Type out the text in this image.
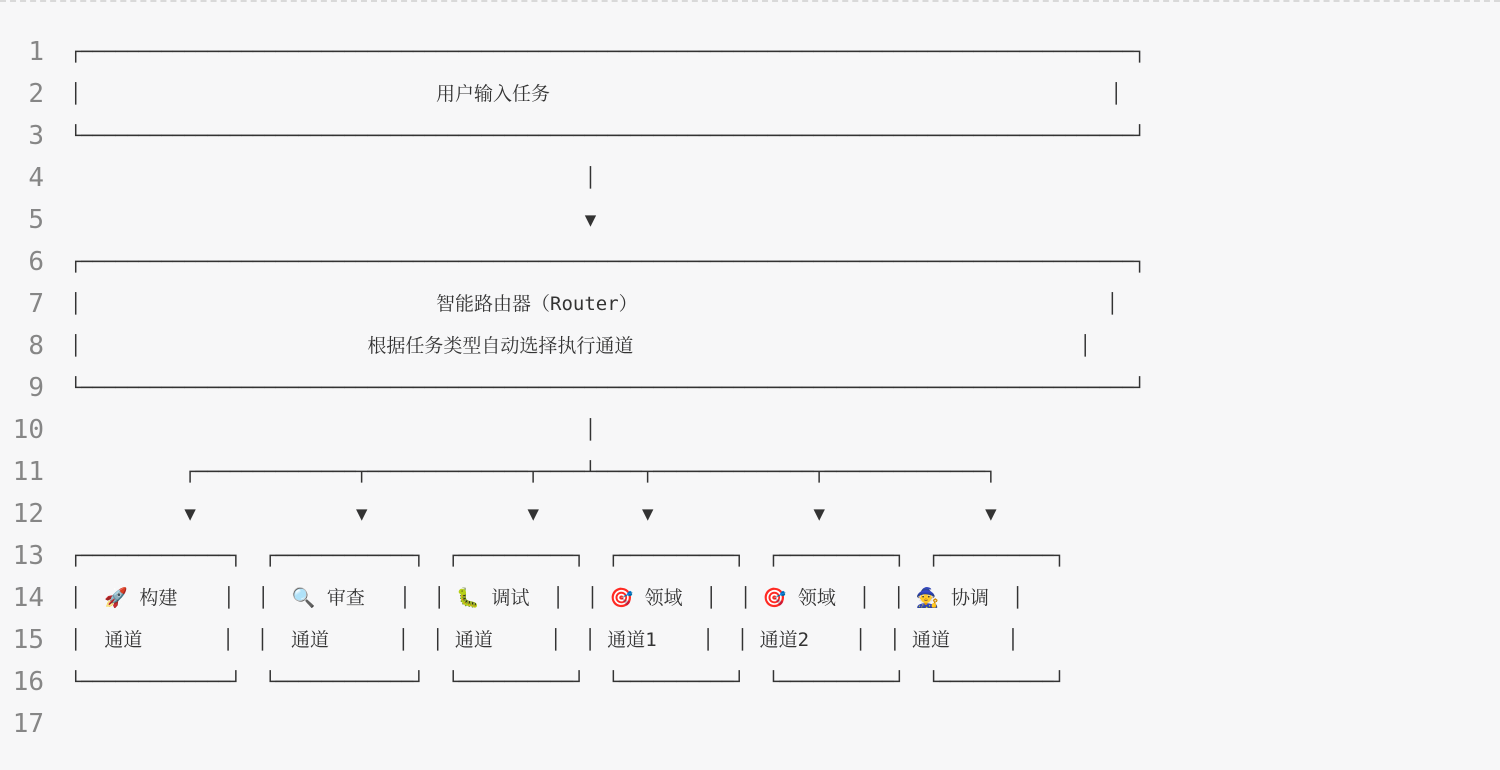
1	┌────────────────────────────────────────────────────────────────────────────────────────────┐
2	│                               用户输入任务                                                 │
3	└────────────────────────────────────────────────────────────────────────────────────────────┘
4	│
5	▼
6	┌────────────────────────────────────────────────────────────────────────────────────────────┐
7	│                               智能路由器（Router）                                         │
8	│                         根据任务类型自动选择执行通道                                       │
9	└────────────────────────────────────────────────────────────────────────────────────────────┘
10	│
11	┌──────────────┬──────────────┬────┴────┬──────────────┬──────────────┐
12	▼              ▼              ▼         ▼              ▼              ▼
13	┌─────────────┐  ┌────────────┐  ┌──────────┐  ┌──────────┐  ┌──────────┐  ┌──────────┐
14	│  🚀 构建    │  │  🔍 审查   │  │ 🐛 调试  │  │ 🎯 领域  │  │ 🎯 领域  │  │ 🧙 协调  │
15	│  通道       │  │  通道      │  │ 通道     │  │ 通道1    │  │ 通道2    │  │ 通道     │
16	└─────────────┘  └────────────┘  └──────────┘  └──────────┘  └──────────┘  └──────────┘
17
